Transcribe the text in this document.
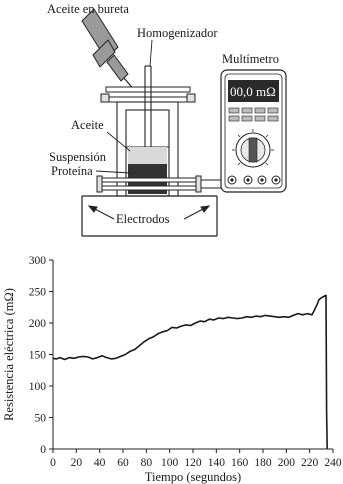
Aceite en bureta
Homogenizador
Aceite
Suspensión
Proteína
Electrodos
Multímetro
00,0 mΩ
0
50
100
150
200
250
300
0 20 40 60 80 100 120 140 160 180 200 220 240
Tiempo (segundos)
Resistencia eléctrica (mΩ)
